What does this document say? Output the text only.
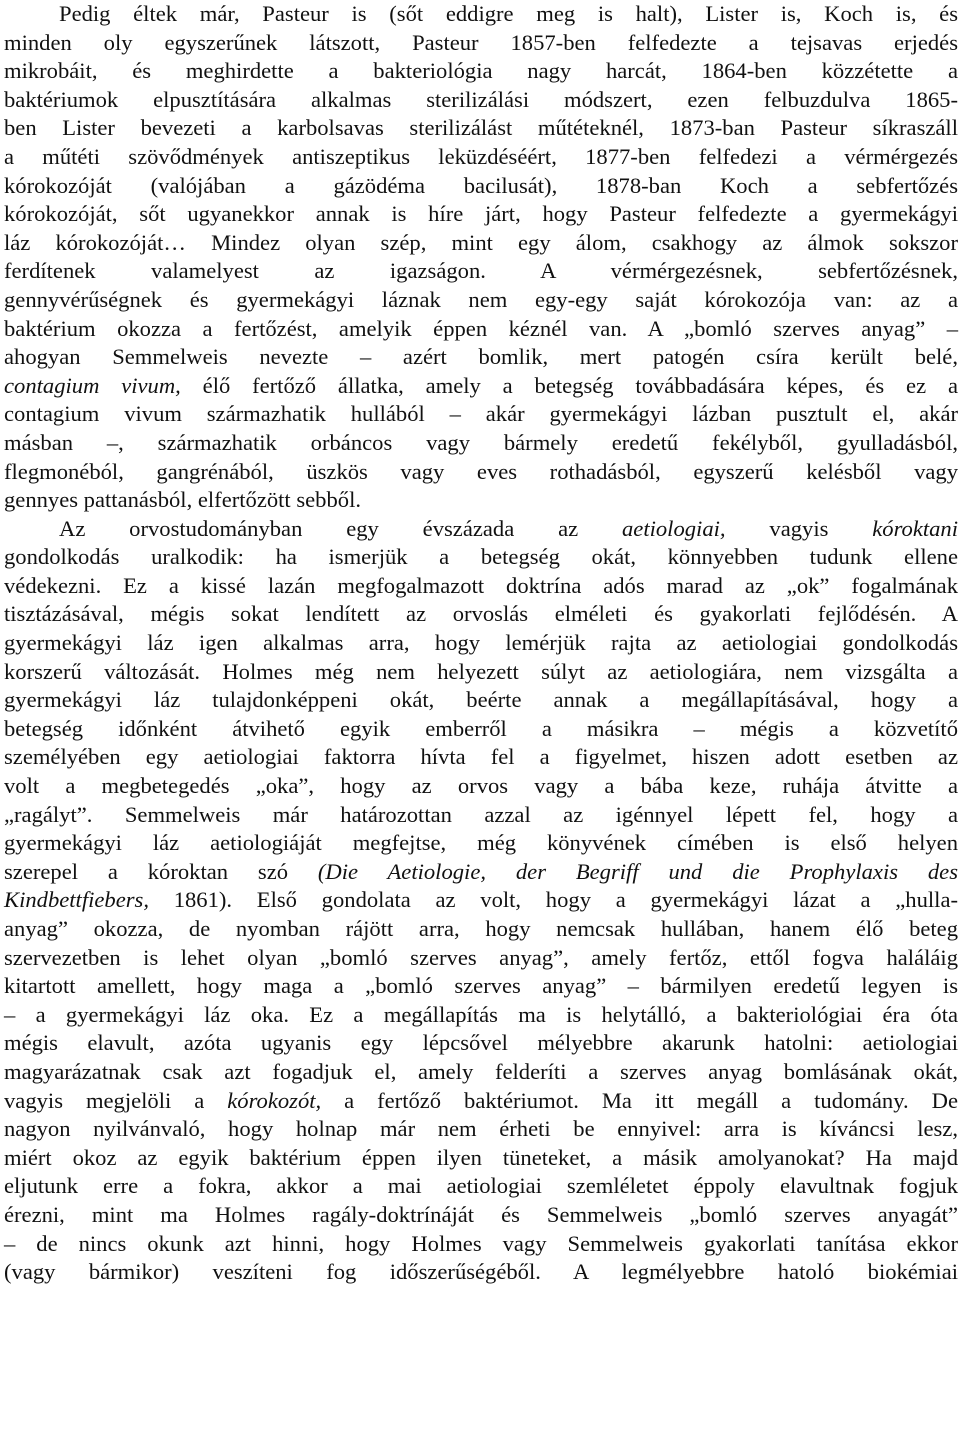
Pedig éltek már, Pasteur is (sőt eddigre meg is halt), Lister is, Koch is, és
minden oly egyszerűnek látszott, Pasteur 1857-ben felfedezte a tejsavas erjedés
mikrobáit, és meghirdette a bakteriológia nagy harcát, 1864-ben közzétette a
baktériumok elpusztítására alkalmas sterilizálási módszert, ezen felbuzdulva 1865-
ben Lister bevezeti a karbolsavas sterilizálást műtéteknél, 1873-ban Pasteur síkraszáll
a műtéti szövődmények antiszeptikus leküzdéséért, 1877-ben felfedezi a vérmérgezés
kórokozóját (valójában a gázödéma bacilusát), 1878-ban Koch a sebfertőzés
kórokozóját, sőt ugyanekkor annak is híre járt, hogy Pasteur felfedezte a gyermekágyi
láz kórokozóját… Mindez olyan szép, mint egy álom, csakhogy az álmok sokszor
ferdítenek valamelyest az igazságon. A vérmérgezésnek, sebfertőzésnek,
gennyvérűségnek és gyermekágyi láznak nem egy-egy saját kórokozója van: az a
baktérium okozza a fertőzést, amelyik éppen kéznél van. A „bomló szerves anyag” –
ahogyan Semmelweis nevezte – azért bomlik, mert patogén csíra került belé,
contagium vivum, élő fertőző állatka, amely a betegség továbbadására képes, és ez a
contagium vivum származhatik hullából – akár gyermekágyi lázban pusztult el, akár
másban –, származhatik orbáncos vagy bármely eredetű fekélyből, gyulladásból,
flegmonéból, gangrénából, üszkös vagy eves rothadásból, egyszerű kelésből vagy
gennyes pattanásból, elfertőzött sebből.
Az orvostudományban egy évszázada az aetiologiai, vagyis kóroktani
gondolkodás uralkodik: ha ismerjük a betegség okát, könnyebben tudunk ellene
védekezni. Ez a kissé lazán megfogalmazott doktrína adós marad az „ok” fogalmának
tisztázásával, mégis sokat lendített az orvoslás elméleti és gyakorlati fejlődésén. A
gyermekágyi láz igen alkalmas arra, hogy lemérjük rajta az aetiologiai gondolkodás
korszerű változását. Holmes még nem helyezett súlyt az aetiologiára, nem vizsgálta a
gyermekágyi láz tulajdonképpeni okát, beérte annak a megállapításával, hogy a
betegség időnként átvihető egyik emberről a másikra – mégis a közvetítő
személyében egy aetiologiai faktorra hívta fel a figyelmet, hiszen adott esetben az
volt a megbetegedés „oka”, hogy az orvos vagy a bába keze, ruhája átvitte a
„ragályt”. Semmelweis már határozottan azzal az igénnyel lépett fel, hogy a
gyermekágyi láz aetiologiáját megfejtse, még könyvének címében is első helyen
szerepel a kóroktan szó (Die Aetiologie, der Begriff und die Prophylaxis des
Kindbettfiebers, 1861). Első gondolata az volt, hogy a gyermekágyi lázat a „hulla-
anyag” okozza, de nyomban rájött arra, hogy nemcsak hullában, hanem élő beteg
szervezetben is lehet olyan „bomló szerves anyag”, amely fertőz, ettől fogva haláláig
kitartott amellett, hogy maga a „bomló szerves anyag” – bármilyen eredetű legyen is
– a gyermekágyi láz oka. Ez a megállapítás ma is helytálló, a bakteriológiai éra óta
mégis elavult, azóta ugyanis egy lépcsővel mélyebbre akarunk hatolni: aetiologiai
magyarázatnak csak azt fogadjuk el, amely felderíti a szerves anyag bomlásának okát,
vagyis megjelöli a kórokozót, a fertőző baktériumot. Ma itt megáll a tudomány. De
nagyon nyilvánvaló, hogy holnap már nem érheti be ennyivel: arra is kíváncsi lesz,
miért okoz az egyik baktérium éppen ilyen tüneteket, a másik amolyanokat? Ha majd
eljutunk erre a fokra, akkor a mai aetiologiai szemléletet éppoly elavultnak fogjuk
érezni, mint ma Holmes ragály-doktrínáját és Semmelweis „bomló szerves anyagát”
– de nincs okunk azt hinni, hogy Holmes vagy Semmelweis gyakorlati tanítása ekkor
(vagy bármikor) veszíteni fog időszerűségéből. A legmélyebbre hatoló biokémiai
